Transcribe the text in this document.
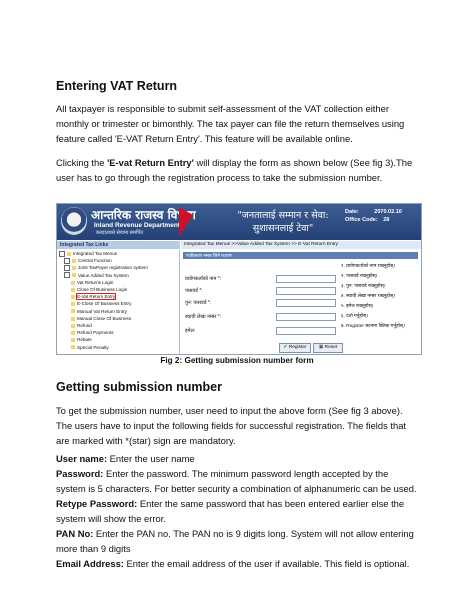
Entering VAT Return
All taxpayer is responsible to submit self-assessment of the VAT collection either monthly or trimester or bimonthly. The tax payer can file the return themselves using feature called 'E-VAT Return Entry'. This feature will be available online.
Clicking the 'E-vat Return Entry' will display the form as shown below (See fig 3).The user has to go through the registration process to take the submission number.
आन्तरिक राजस्व विभाग
Inland Revenue Department
करदाताको सेवामा समर्पित
"जनतालाई सम्मान र सेवा:
सुशासनलाई टेवा"
Date:	2070.02.10
Office Code: 28
Integrated Tax Links
Integrated Tax Menus
Central Function
Joint TaxPayer registration system
Value Added Tax System
Vat Returns Login
Close Of Business Login
E-Vat Return Entry
E-Close Of Business Entry
Manual Vat Return Entry
Manual Close Of Business
Refund
Refund Payments
Rebate
Special Penalty
Integrated Tax Menus >>Value Added Tax System >> E-Vat Return Entry
पंजीकरण नम्बर लिने फाराम
प्रयोगकर्ताको नाम *:
पासवर्ड *:
पुन: पासवर्ड *:
स्थायी लेखा नम्बर *:
इमेल:
१. प्रयोगकर्ताको नाम राख्नुहोस्।
२. पासवर्ड राख्नुहोस्।
३. पुन: पासवर्ड राख्नुहोस्।
४. स्थायी लेखा नम्बर राख्नुहोस्।
५. इमेल राख्नुहोस्।
६. दर्ता गर्नुहोस्।
७. Register बटनमा क्लिक गर्नुहोस्।
✔ Register	▣ Reset
Fig 2: Getting submission number form
Getting submission number
To get the submission number, user need to input the above form (See fig 3 above). The users have to input the following fields for successful registration. The fields that are marked with *(star) sign are mandatory.
User name: Enter the user name
Password: Enter the password. The minimum password length accepted by the system is 5 characters. For better security a combination of alphanumeric can be used.
Retype Password: Enter the same password that has been entered earlier else the system will show the error.
PAN No: Enter the PAN no. The PAN no is 9 digits long. System will not allow entering more than 9 digits
Email Address: Enter the email address of the user if available. This field is optional.
